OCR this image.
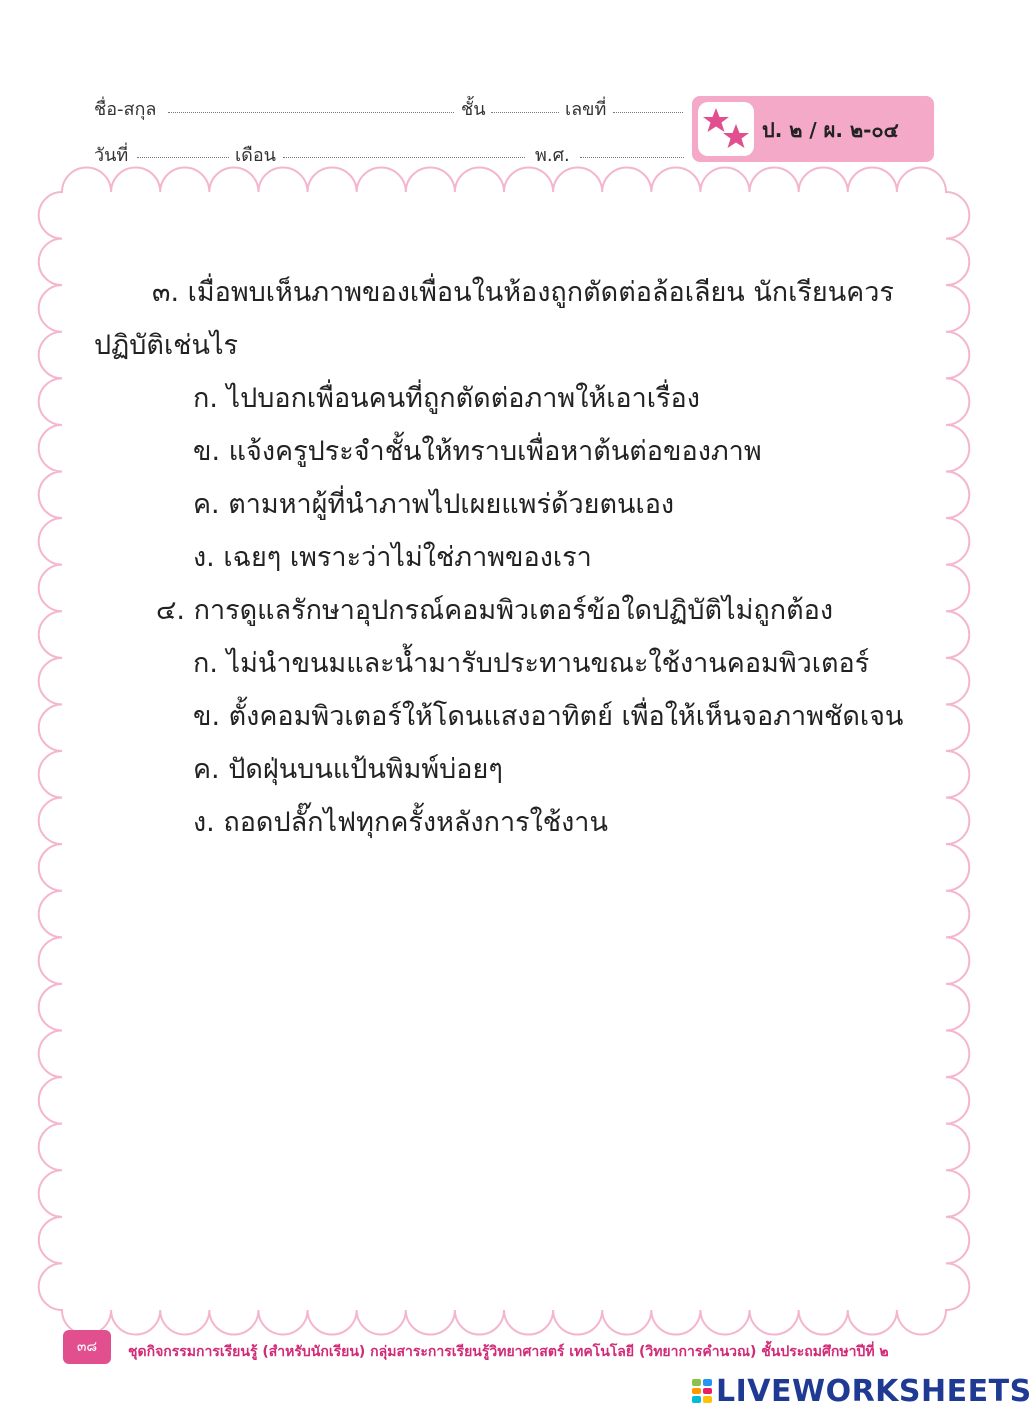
ชื่อ-สกุล	ชั้น	เลขที่
วันที่	เดือน	พ.ศ.
ป. ๒ / ผ. ๒-๐๔
๓. เมื่อพบเห็นภาพของเพื่อนในห้องถูกตัดต่อล้อเลียน นักเรียนควร
ปฏิบัติเช่นไร
ก. ไปบอกเพื่อนคนที่ถูกตัดต่อภาพให้เอาเรื่อง
ข. แจ้งครูประจำชั้นให้ทราบเพื่อหาต้นต่อของภาพ
ค. ตามหาผู้ที่นำภาพไปเผยแพร่ด้วยตนเอง
ง. เฉยๆ เพราะว่าไม่ใช่ภาพของเรา
๔. การดูแลรักษาอุปกรณ์คอมพิวเตอร์ข้อใดปฏิบัติไม่ถูกต้อง
ก. ไม่นำขนมและน้ำมารับประทานขณะใช้งานคอมพิวเตอร์
ข. ตั้งคอมพิวเตอร์ให้โดนแสงอาทิตย์ เพื่อให้เห็นจอภาพชัดเจน
ค. ปัดฝุ่นบนแป้นพิมพ์บ่อยๆ
ง. ถอดปลั๊กไฟทุกครั้งหลังการใช้งาน
๓๘	ชุดกิจกรรมการเรียนรู้ (สำหรับนักเรียน) กลุ่มสาระการเรียนรู้วิทยาศาสตร์ เทคโนโลยี (วิทยาการคำนวณ) ชั้นประถมศึกษาปีที่ ๒
LIVEWORKSHEETS
